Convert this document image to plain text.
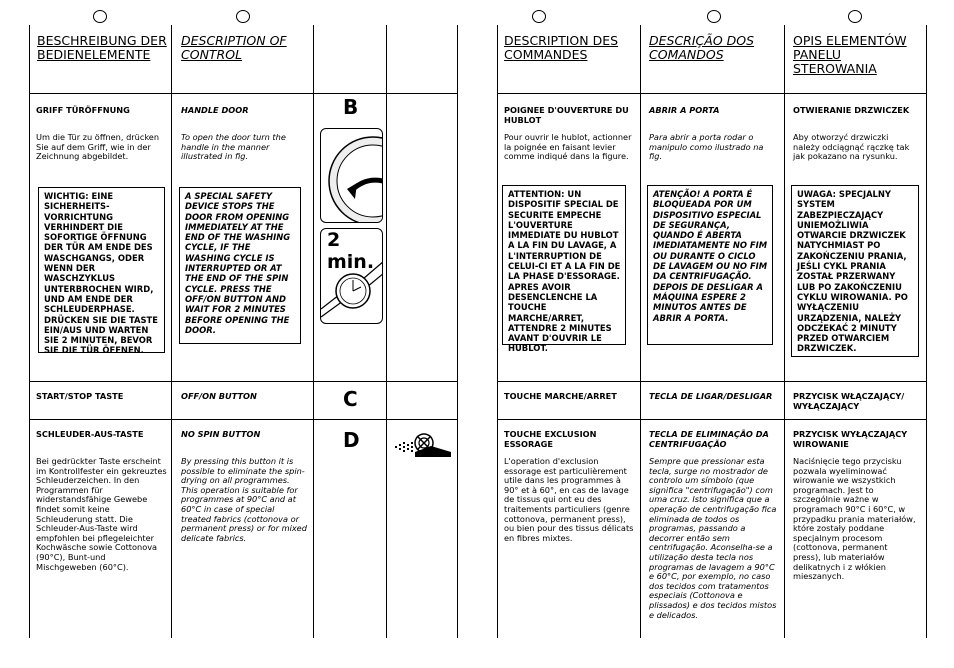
BESCHREIBUNG DER BEDIENELEMENTE
DESCRIPTION OF CONTROL
DESCRIPTION DES COMMANDES
DESCRIÇÃO DOS COMANDOS
OPIS ELEMENTÓW PANELU STEROWANIA
GRIFF TÜRÖFFNUNG
Um die Tür zu öffnen, drücken Sie auf dem Griff, wie in der Zeichnung abgebildet.
WICHTIG: EINE SICHERHEITS-VORRICHTUNG VERHINDERT DIE SOFORTIGE ÖFFNUNG DER TÜR AM ENDE DES WASCHGANGS, ODER WENN DER WASCHZYKLUS UNTERBROCHEN WIRD, UND AM ENDE DER SCHLEUDERPHASE. DRÜCKEN SIE DIE TASTE EIN/AUS UND WARTEN SIE 2 MINUTEN, BEVOR SIE DIE TÜR ÖFFNEN.
START/STOP TASTE
SCHLEUDER-AUS-TASTE
Bei gedrückter Taste erscheint im Kontrollfester ein gekreuztes Schleuderzeichen. In den Programmen für widerstandsfähige Gewebe findet somit keine Schleuderung statt. Die Schleuder-Aus-Taste wird empfohlen bei pflegeleichter Kochwäsche sowie Cottonova (90°C), Bunt-und Mischgeweben (60°C).
HANDLE DOOR
To open the door turn the handle in the manner illustrated in fig.
A SPECIAL SAFETY DEVICE STOPS THE DOOR FROM OPENING IMMEDIATELY AT THE END OF THE WASHING CYCLE, IF THE WASHING CYCLE IS INTERRUPTED OR AT THE END OF THE SPIN CYCLE. PRESS THE OFF/ON BUTTON AND WAIT FOR 2 MINUTES BEFORE OPENING THE DOOR.
OFF/ON BUTTON
NO SPIN BUTTON
By pressing this button it is possible to eliminate the spin-drying on all programmes. This operation is suitable for programmes at 90°C and at 60°C in case of special treated fabrics (cottonova or permanent press) or for mixed delicate fabrics.
B
2 min.
C
D
POIGNEE D'OUVERTURE DU HUBLOT
Pour ouvrir le hublot, actionner la poignée en faisant levier comme indiqué dans la figure.
ATTENTION: UN DISPOSITIF SPECIAL DE SECURITE EMPECHE L'OUVERTURE IMMEDIATE DU HUBLOT A LA FIN DU LAVAGE, A L'INTERRUPTION DE CELUI-CI ET A LA FIN DE LA PHASE D'ESSORAGE. APRES AVOIR DESENCLENCHE LA TOUCHE MARCHE/ARRET, ATTENDRE 2 MINUTES AVANT D'OUVRIR LE HUBLOT.
TOUCHE MARCHE/ARRET
TOUCHE EXCLUSION ESSORAGE
L'operation d'exclusion essorage est particulièrement utile dans les programmes à 90° et à 60°, en cas de lavage de tissus qui ont eu des traitements particuliers (genre cottonova, permanent press), ou bien pour des tissus délicats en fibres mixtes.
ABRIR A PORTA
Para abrir a porta rodar o manipulo como ilustrado na fig.
ATENÇÃO! A PORTA É BLOQUEADA POR UM DISPOSITIVO ESPECIAL DE SEGURANÇA, QUANDO É ABERTA IMEDIATAMENTE NO FIM OU DURANTE O CICLO DE LAVAGEM OU NO FIM DA CENTRIFUGAÇÃO. DEPOIS DE DESLIGAR A MÁQUINA ESPERE 2 MINUTOS ANTES DE ABRIR A PORTA.
TECLA DE LIGAR/DESLIGAR
TECLA DE ELIMINAÇÃO DA CENTRIFUGAÇÃO
Sempre que pressionar esta tecla, surge no mostrador de controlo um símbolo (que significa "centrifugação") com uma cruz. Isto significa que a operação de centrifugação fica eliminada de todos os programas, passando a decorrer então sem centrifugação. Aconselha-se a utilização desta tecla nos programas de lavagem a 90°C e 60°C, por exemplo, no caso dos tecidos com tratamentos especiais (Cottonova e plissados) e dos tecidos mistos e delicados.
OTWIERANIE DRZWICZEK
Aby otworzyć drzwiczki należy odciągnąć rączkę tak jak pokazano na rysunku.
UWAGA: SPECJALNY SYSTEM ZABEZPIECZAJĄCY UNIEMOŻLIWIA OTWARCIE DRZWICZEK NATYCHMIAST PO ZAKOŃCZENIU PRANIA, JEŚLI CYKL PRANIA ZOSTAŁ PRZERWANY LUB PO ZAKOŃCZENIU CYKLU WIROWANIA. PO WYŁĄCZENIU URZĄDZENIA, NALEŻY ODCZEKAĆ 2 MINUTY PRZED OTWARCIEM DRZWICZEK.
PRZYCISK WŁĄCZAJĄCY/ WYŁĄCZAJĄCY
PRZYCISK WYŁĄCZAJĄCY WIROWANIE
Naciśnięcie tego przycisku pozwala wyeliminować wirowanie we wszystkich programach. Jest to szczególnie ważne w programach 90°C i 60°C, w przypadku prania materiałów, które zostały poddane specjalnym procesom (cottonova, permanent press), lub materiałów delikatnych i z włókien mieszanych.
